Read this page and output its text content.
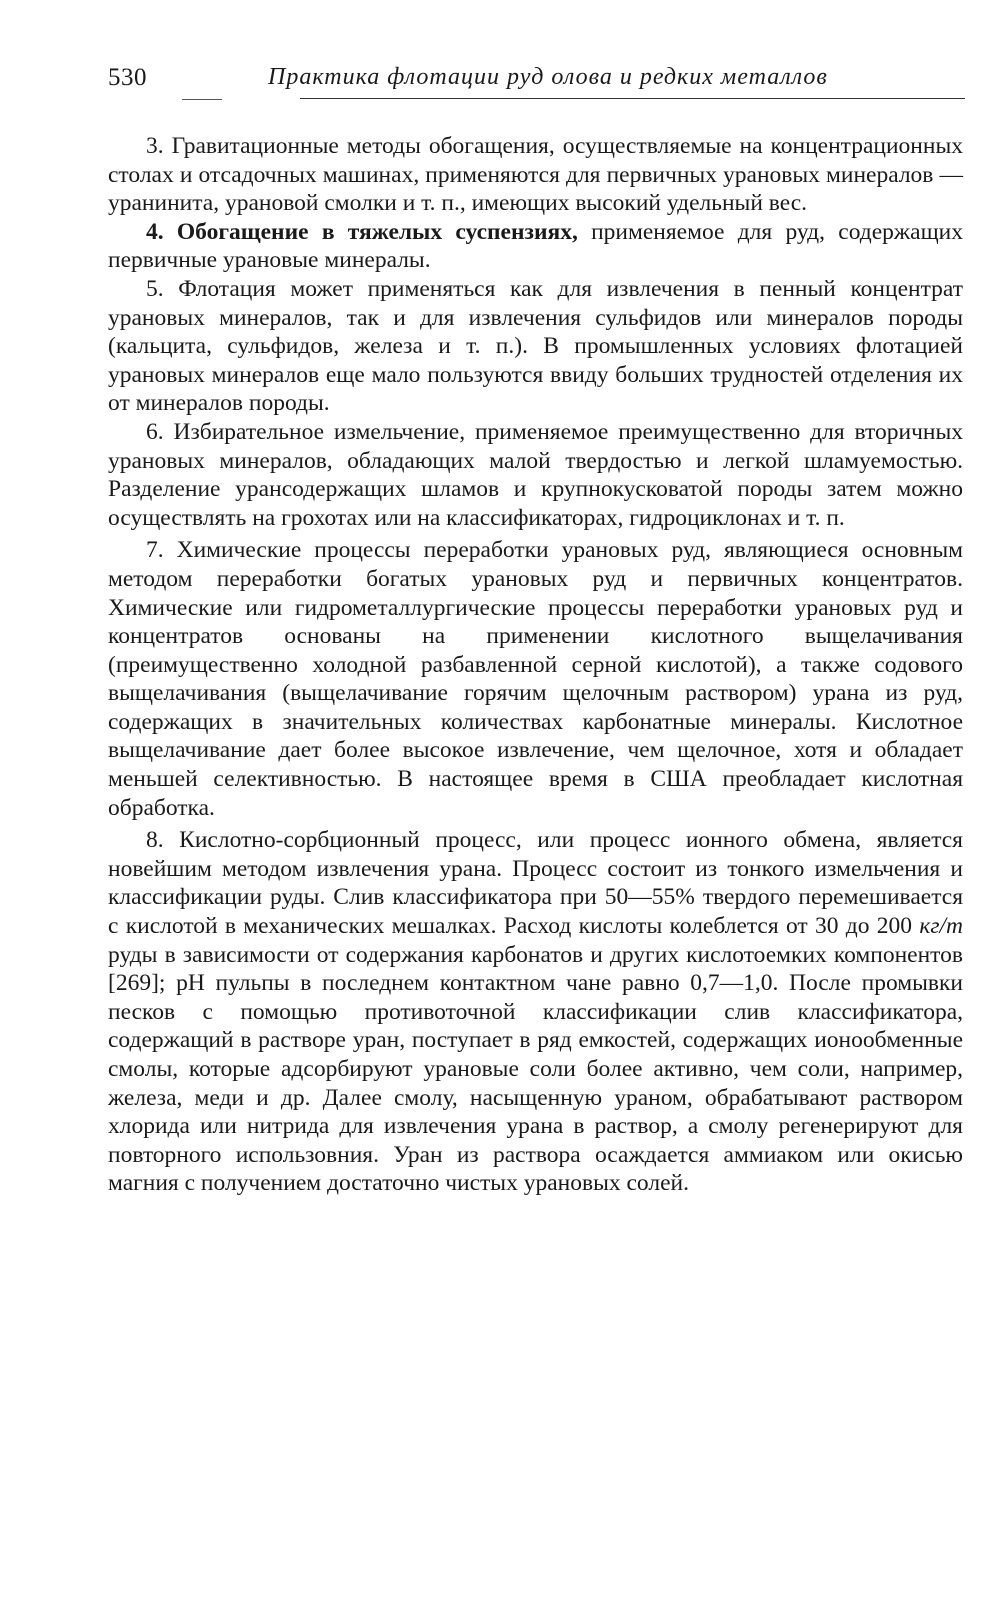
530	Практика флотации руд олова и редких металлов

3. Гравитационные методы обогащения, осуществляемые на концентрационных столах и отсадочных машинах, применяются для первичных урановых минералов — уранинита, урановой смолки и т. п., имеющих высокий удельный вес.

4. Обогащение в тяжелых суспензиях, применяемое для руд, содержащих первичные урановые минералы.

5. Флотация может применяться как для извлечения в пенный концентрат урановых минералов, так и для извлечения сульфидов или минералов породы (кальцита, сульфидов, железа и т. п.). В промышленных условиях флотацией урановых минералов еще мало пользуются ввиду больших трудностей отделения их от минералов породы.

6. Избирательное измельчение, применяемое преимущественно для вторичных урановых минералов, обладающих малой твердостью и легкой шламуемостью. Разделение урансодержащих шламов и крупнокусковатой породы затем можно осуществлять на грохотах или на классификаторах, гидроциклонах и т. п.

7. Химические процессы переработки урановых руд, являющиеся основным методом переработки богатых урановых руд и первичных концентратов. Химические или гидрометаллургические процессы переработки урановых руд и концентратов основаны на применении кислотного выщелачивания (преимущественно холодной разбавленной серной кислотой), а также содового выщелачивания (выщелачивание горячим щелочным раствором) урана из руд, содержащих в значительных количествах карбонатные минералы. Кислотное выщелачивание дает более высокое извлечение, чем щелочное, хотя и обладает меньшей селективностью. В настоящее время в США преобладает кислотная обработка.

8. Кислотно-сорбционный процесс, или процесс ионного обмена, является новейшим методом извлечения урана. Процесс состоит из тонкого измельчения и классификации руды. Слив классификатора при 50—55% твердого перемешивается с кислотой в механических мешалках. Расход кислоты колеблется от 30 до 200 кг/т руды в зависимости от содержания карбонатов и других кислотоемких компонентов [269]; pH пульпы в последнем контактном чане равно 0,7—1,0. После промывки песков с помощью противоточной классификации слив классификатора, содержащий в растворе уран, поступает в ряд емкостей, содержащих ионообменные смолы, которые адсорбируют урановые соли более активно, чем соли, например, железа, меди и др. Далее смолу, насыщенную ураном, обрабатывают раствором хлорида или нитрида для извлечения урана в раствор, а смолу регенерируют для повторного использовния. Уран из раствора осаждается аммиаком или окисью магния с получением достаточно чистых урановых солей.
